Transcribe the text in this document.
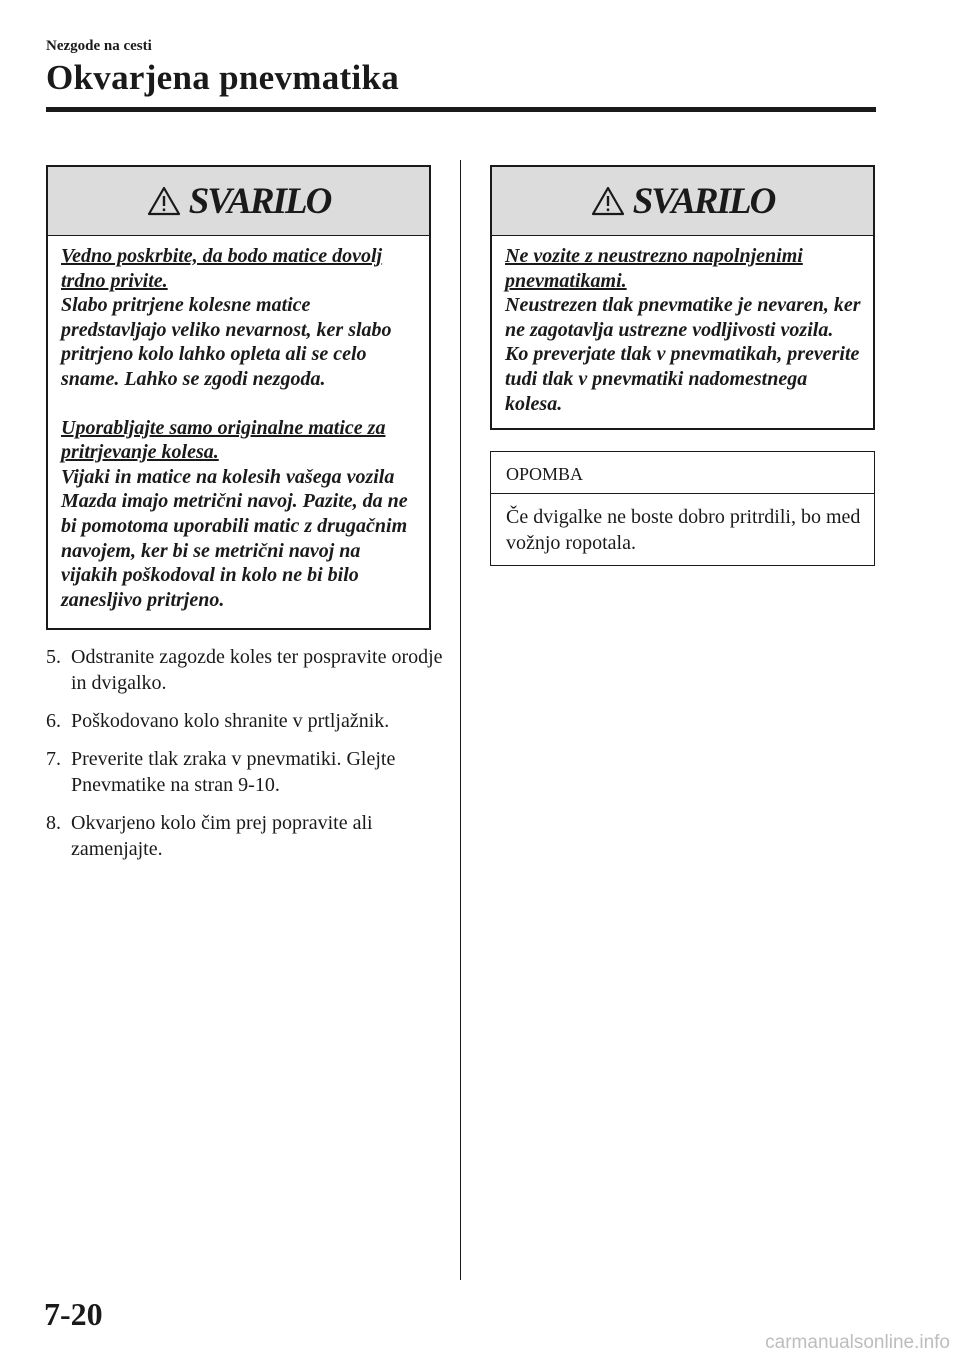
Nezgode na cesti
Okvarjena pnevmatika
SVARILO
Vedno poskrbite, da bodo matice dovolj trdno privite.
Slabo pritrjene kolesne matice predstavljajo veliko nevarnost, ker slabo pritrjeno kolo lahko opleta ali se celo sname. Lahko se zgodi nezgoda.
Uporabljajte samo originalne matice za pritrjevanje kolesa.
Vijaki in matice na kolesih vašega vozila Mazda imajo metrični navoj. Pazite, da ne bi pomotoma uporabili matic z drugačnim navojem, ker bi se metrični navoj na vijakih poškodoval in kolo ne bi bilo zanesljivo pritrjeno.
5. Odstranite zagozde koles ter pospravite orodje in dvigalko.
6. Poškodovano kolo shranite v prtljažnik.
7. Preverite tlak zraka v pnevmatiki. Glejte Pnevmatike na stran 9-10.
8. Okvarjeno kolo čim prej popravite ali zamenjajte.
SVARILO
Ne vozite z neustrezno napolnjenimi pnevmatikami.
Neustrezen tlak pnevmatike je nevaren, ker ne zagotavlja ustrezne vodljivosti vozila. Ko preverjate tlak v pnevmatikah, preverite tudi tlak v pnevmatiki nadomestnega kolesa.
OPOMBA
Če dvigalke ne boste dobro pritrdili, bo med vožnjo ropotala.
7-20
carmanualsonline.info
